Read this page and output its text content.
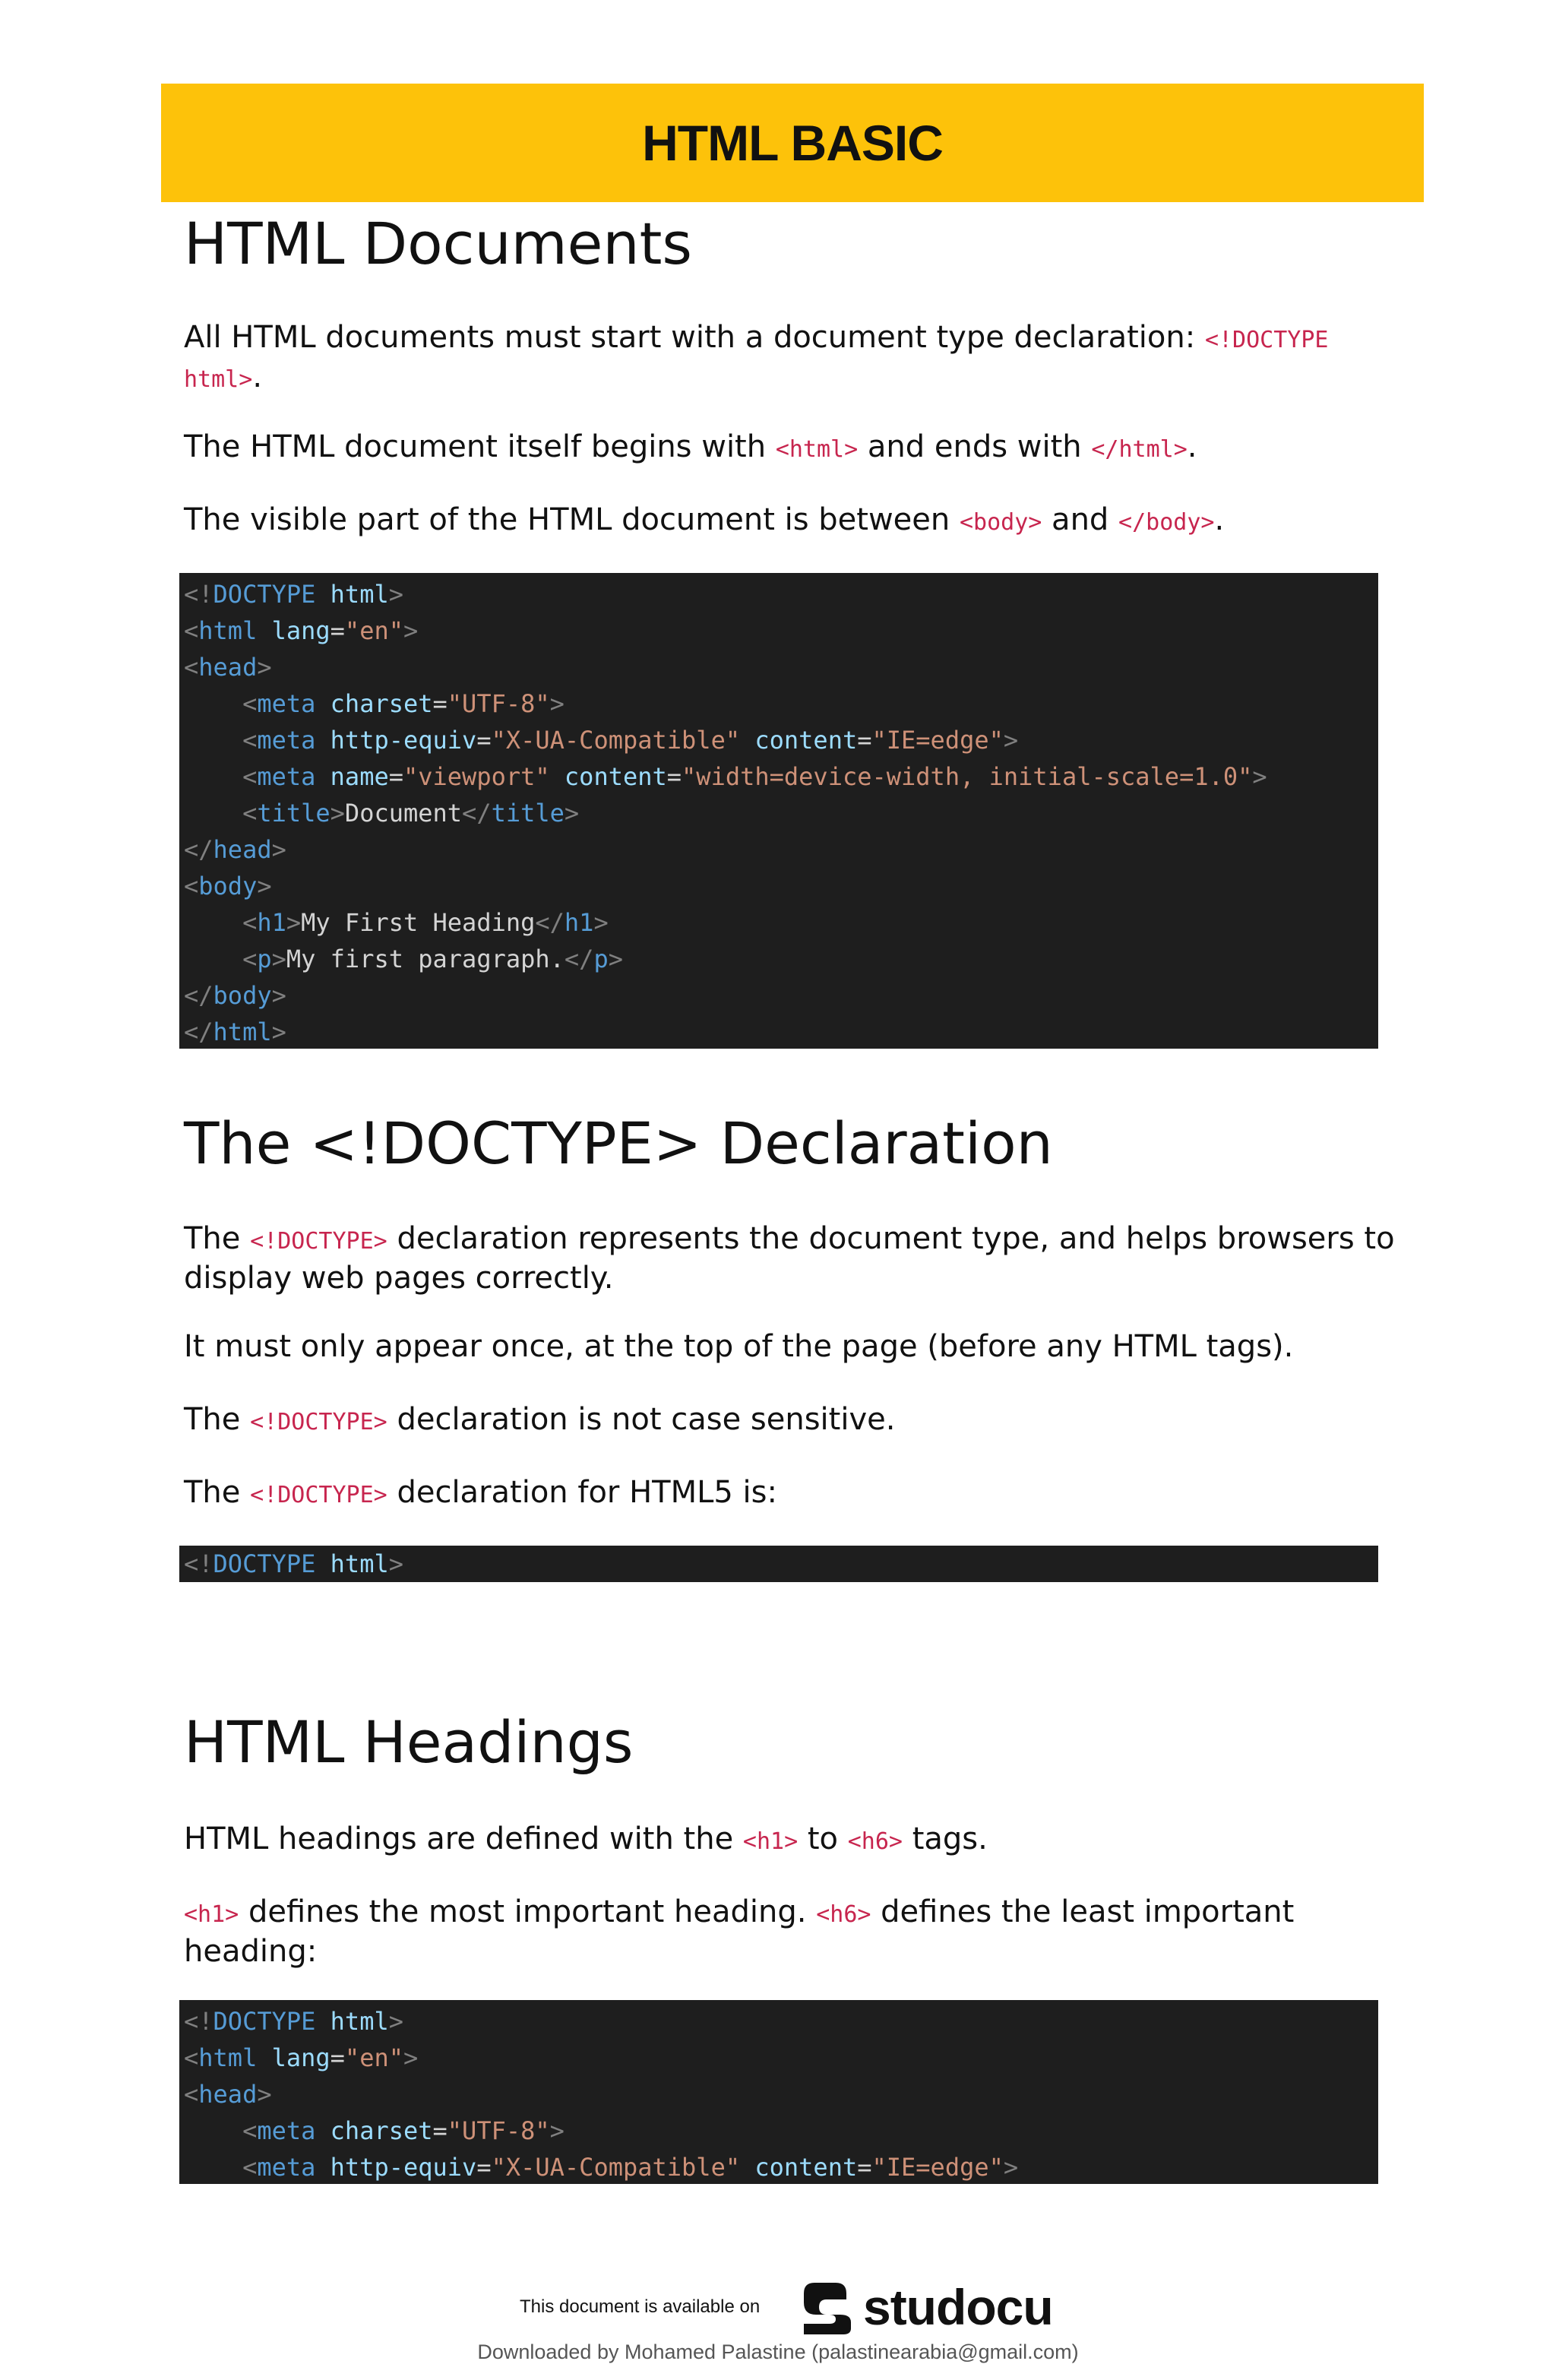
HTML BASIC
HTML Documents

All HTML documents must start with a document type declaration: <!DOCTYPE
html>.

The HTML document itself begins with <html> and ends with </html>.

The visible part of the HTML document is between <body> and </body>.

<!DOCTYPE html>
<html lang="en">
<head>
<meta charset="UTF-8">
<meta http-equiv="X-UA-Compatible" content="IE=edge">
<meta name="viewport" content="width=device-width, initial-scale=1.0">
<title>Document</title>
</head>
<body>
<h1>My First Heading</h1>
<p>My first paragraph.</p>
</body>
</html>
The <!DOCTYPE> Declaration

The <!DOCTYPE> declaration represents the document type, and helps browsers to display web pages correctly.

It must only appear once, at the top of the page (before any HTML tags).

The <!DOCTYPE> declaration is not case sensitive.

The <!DOCTYPE> declaration for HTML5 is:

<!DOCTYPE html>
HTML Headings

HTML headings are defined with the <h1> to <h6> tags.

<h1> defines the most important heading. <h6> defines the least important heading:

<!DOCTYPE html>
<html lang="en">
<head>
<meta charset="UTF-8">
<meta http-equiv="X-UA-Compatible" content="IE=edge">
This document is available on studocu
Downloaded by Mohamed Palastine (palastinearabia@gmail.com)
